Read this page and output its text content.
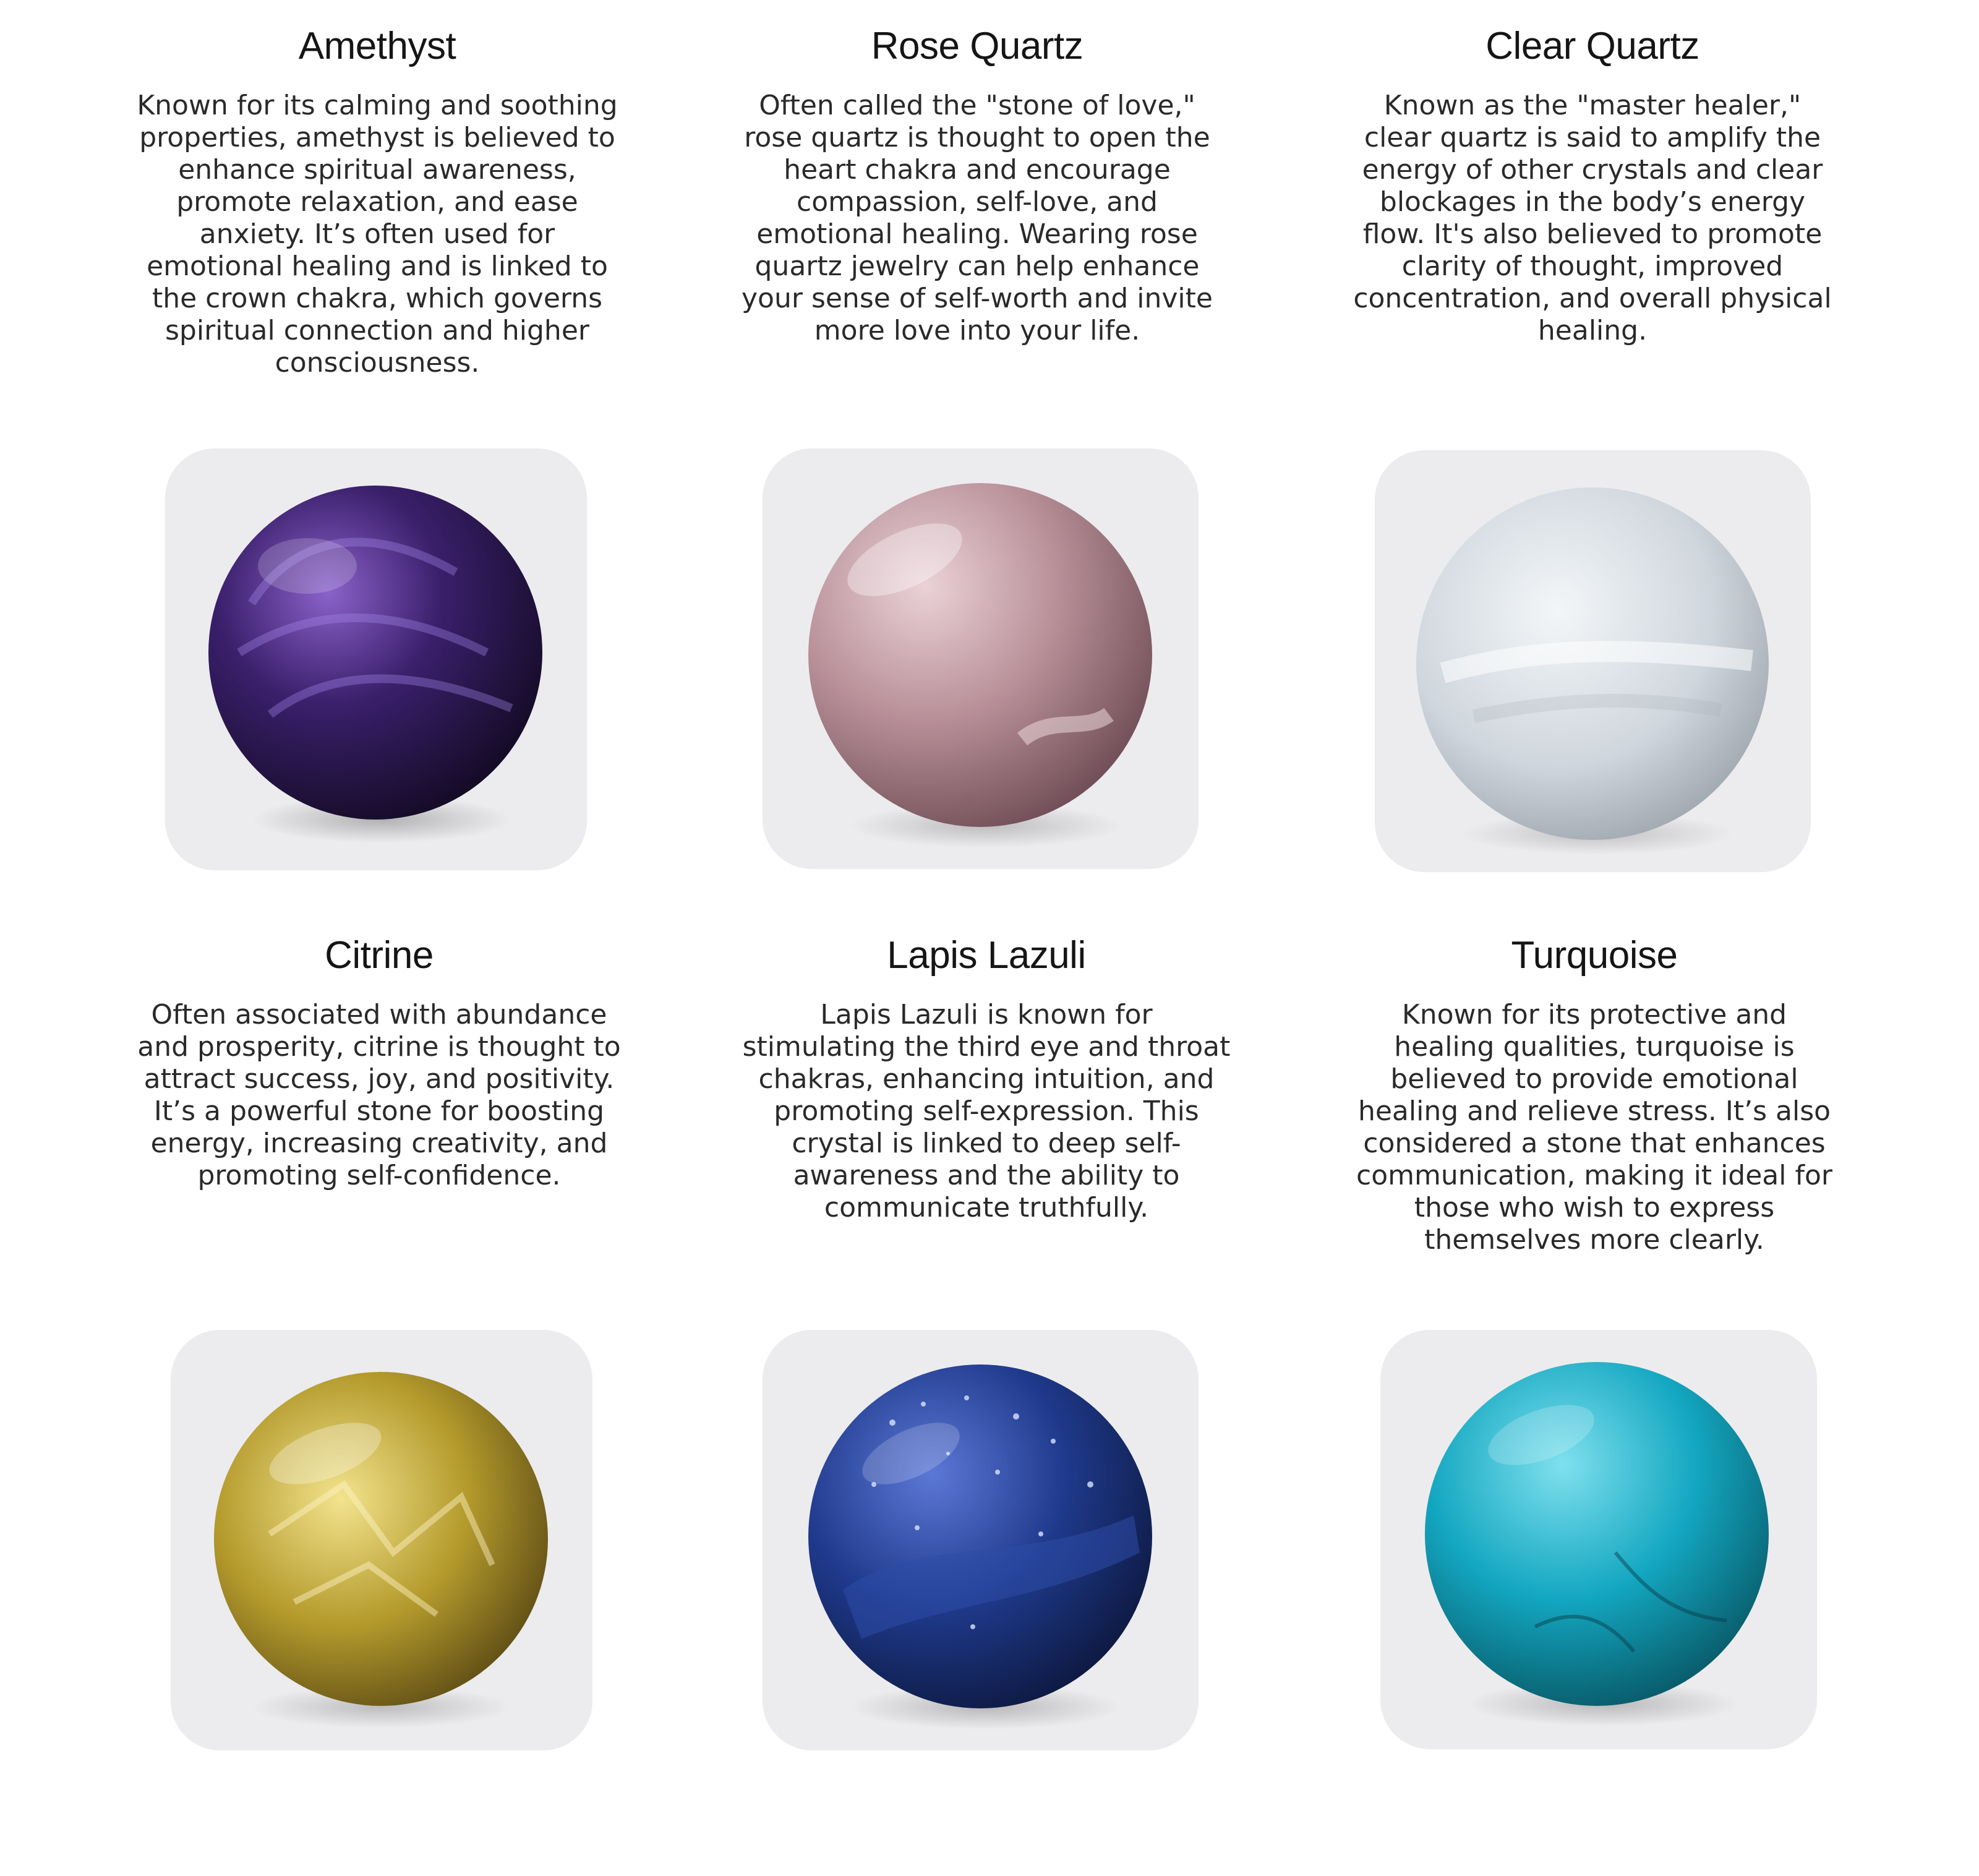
Amethyst

Known for its calming and soothing properties, amethyst is believed to enhance spiritual awareness, promote relaxation, and ease anxiety. It’s often used for emotional healing and is linked to the crown chakra, which governs spiritual connection and higher consciousness.

Rose Quartz

Often called the "stone of love," rose quartz is thought to open the heart chakra and encourage compassion, self-love, and emotional healing. Wearing rose quartz jewelry can help enhance your sense of self-worth and invite more love into your life.

Clear Quartz

Known as the "master healer," clear quartz is said to amplify the energy of other crystals and clear blockages in the body’s energy flow. It's also believed to promote clarity of thought, improved concentration, and overall physical healing.

Citrine

Often associated with abundance and prosperity, citrine is thought to attract success, joy, and positivity. It’s a powerful stone for boosting energy, increasing creativity, and promoting self-confidence.

Lapis Lazuli

Lapis Lazuli is known for stimulating the third eye and throat chakras, enhancing intuition, and promoting self-expression. This crystal is linked to deep self-awareness and the ability to communicate truthfully.

Turquoise

Known for its protective and healing qualities, turquoise is believed to provide emotional healing and relieve stress. It’s also considered a stone that enhances communication, making it ideal for those who wish to express themselves more clearly.
